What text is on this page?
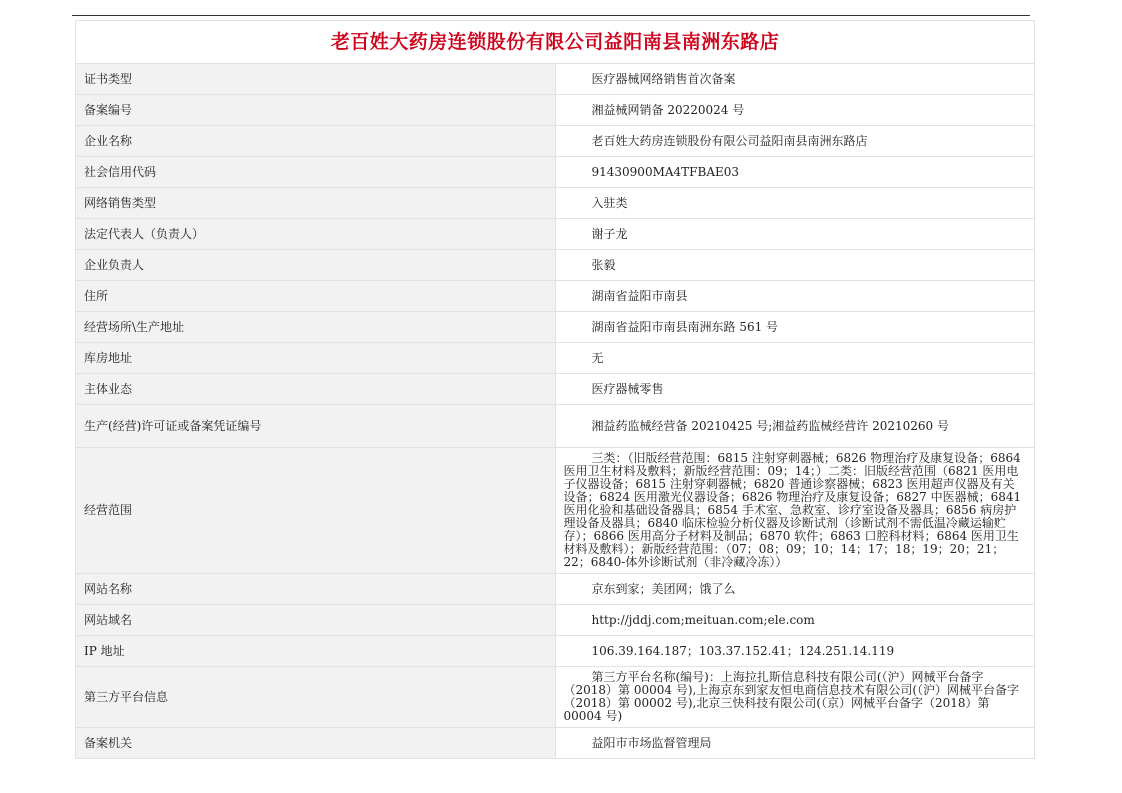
老百姓大药房连锁股份有限公司益阳南县南洲东路店	
证书类型	医疗器械网络销售首次备案
备案编号	湘益械网销备 20220024 号
企业名称	老百姓大药房连锁股份有限公司益阳南县南洲东路店
社会信用代码	91430900MA4TFBAE03
网络销售类型	入驻类
法定代表人（负责人）	谢子龙
企业负责人	张毅
住所	湖南省益阳市南县
经营场所\生产地址	湖南省益阳市南县南洲东路 561 号
库房地址	无
主体业态	医疗器械零售
生产(经营)许可证或备案凭证编号	湘益药监械经营备 20210425 号;湘益药监械经营许 20210260 号
经营范围	三类：（旧版经营范围：6815 注射穿刺器械；6826 物理治疗及康复设备；6864 医用卫生材料及敷料；新版经营范围：09；14；）二类：旧版经营范围（6821 医用电子仪器设备；6815 注射穿刺器械；6820 普通诊察器械；6823 医用超声仪器及有关设备；6824 医用激光仪器设备；6826 物理治疗及康复设备；6827 中医器械；6841 医用化验和基础设备器具；6854 手术室、急救室、诊疗室设备及器具；6856 病房护理设备及器具；6840 临床检验分析仪器及诊断试剂（诊断试剂不需低温冷藏运输贮存）；6866 医用高分子材料及制品；6870 软件；6863 口腔科材料；6864 医用卫生材料及敷料）；新版经营范围：（07；08；09；10；14；17；18；19；20；21；22；6840-体外诊断试剂（非冷藏冷冻））
网站名称	京东到家；美团网；饿了么
网站域名	http://jddj.com;meituan.com;ele.com
IP 地址	106.39.164.187；103.37.152.41；124.251.14.119
第三方平台信息	第三方平台名称(编号)：上海拉扎斯信息科技有限公司(（沪）网械平台备字（2018）第 00004 号),上海京东到家友恒电商信息技术有限公司(（沪）网械平台备字（2018）第 00002 号),北京三快科技有限公司(（京）网械平台备字（2018）第 00004 号)
备案机关	益阳市市场监督管理局
